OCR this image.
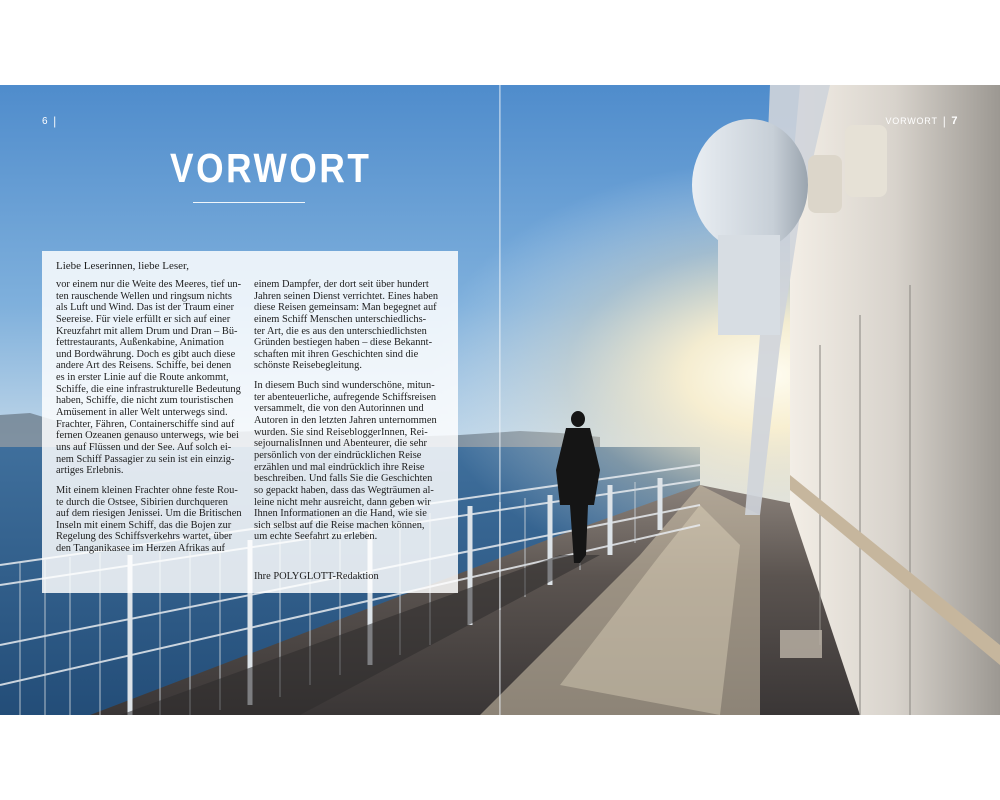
6 |	VORWORT | 7
VORWORT
Liebe Leserinnen, liebe Leser,
vor einem nur die Weite des Meeres, tief un-
ten rauschende Wellen und ringsum nichts
als Luft und Wind. Das ist der Traum einer
Seereise. Für viele erfüllt er sich auf einer
Kreuzfahrt mit allem Drum und Dran – Bü-
fettrestaurants, Außenkabine, Animation
und Bordwährung. Doch es gibt auch diese
andere Art des Reisens. Schiffe, bei denen
es in erster Linie auf die Route ankommt,
Schiffe, die eine infrastrukturelle Bedeutung
haben, Schiffe, die nicht zum touristischen
Amüsement in aller Welt unterwegs sind.
Frachter, Fähren, Containerschiffe sind auf
fernen Ozeanen genauso unterwegs, wie bei
uns auf Flüssen und der See. Auf solch ei-
nem Schiff Passagier zu sein ist ein einzig-
artiges Erlebnis.
Mit einem kleinen Frachter ohne feste Rou-
te durch die Ostsee, Sibirien durchqueren
auf dem riesigen Jenissei. Um die Britischen
Inseln mit einem Schiff, das die Bojen zur
Regelung des Schiffsverkehrs wartet, über
den Tanganikasee im Herzen Afrikas auf
einem Dampfer, der dort seit über hundert
Jahren seinen Dienst verrichtet. Eines haben
diese Reisen gemeinsam: Man begegnet auf
einem Schiff Menschen unterschiedlichs-
ter Art, die es aus den unterschiedlichsten
Gründen bestiegen haben – diese Bekannt-
schaften mit ihren Geschichten sind die
schönste Reisebegleitung.
In diesem Buch sind wunderschöne, mitun-
ter abenteuerliche, aufregende Schiffsreisen
versammelt, die von den Autorinnen und
Autoren in den letzten Jahren unternommen
wurden. Sie sind ReisebloggerInnen, Rei-
sejournalisInnen und Abenteurer, die sehr
persönlich von der eindrücklichen Reise
erzählen und mal eindrücklich ihre Reise
beschreiben. Und falls Sie die Geschichten
so gepackt haben, dass das Wegträumen al-
leine nicht mehr ausreicht, dann geben wir
Ihnen Informationen an die Hand, wie sie
sich selbst auf die Reise machen können,
um echte Seefahrt zu erleben.
Ihre POLYGLOTT-Redaktion
